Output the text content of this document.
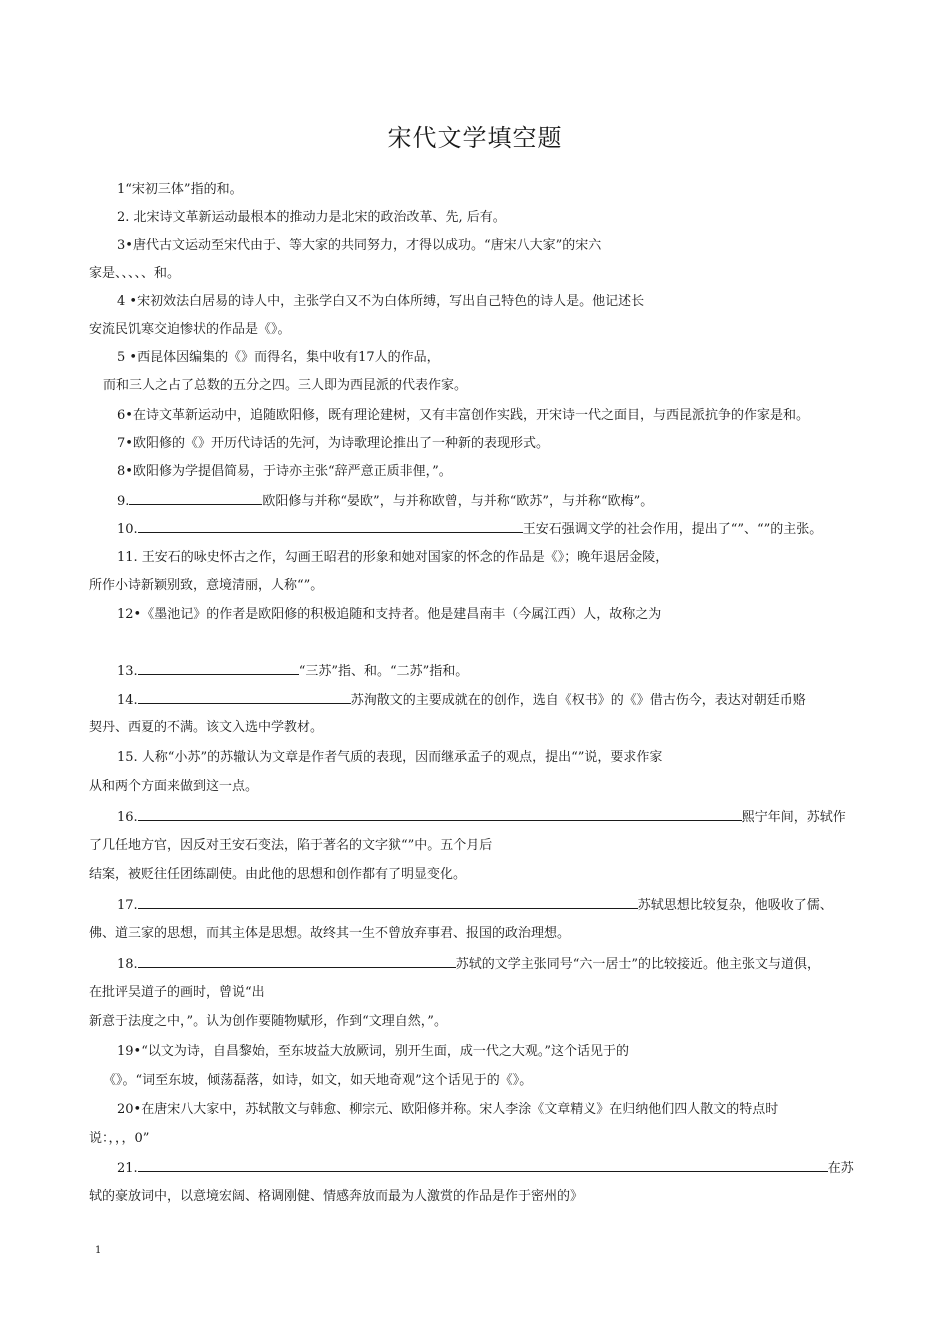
宋代文学填空题
1“宋初三体”指的和。
2. 北宋诗文革新运动最根本的推动力是北宋的政治改革、先, 后有。
3•唐代古文运动至宋代由于、等大家的共同努力，才得以成功。“唐宋八大家”的宋六
家是、、、、、和。
4 •宋初效法白居易的诗人中，主张学白又不为白体所缚，写出自己特色的诗人是。他记述长
安流民饥寒交迫惨状的作品是《》。
5 •西昆体因编集的《》而得名，集中收有17人的作品，
而和三人之占了总数的五分之四。三人即为西昆派的代表作家。
6•在诗文革新运动中，追随欧阳修，既有理论建树，又有丰富创作实践，开宋诗一代之面目，与西昆派抗争的作家是和。
7•欧阳修的《》开历代诗话的先河，为诗歌理论推出了一种新的表现形式。
8•欧阳修为学提倡简易，于诗亦主张“辞严意正质非俚，”。
9.	欧阳修与并称“晏欧”，与并称欧曾，与并称“欧苏”，与并称“欧梅”。
10.	王安石强调文学的社会作用，提出了“”、“”的主张。
11. 王安石的咏史怀古之作，勾画王昭君的形象和她对国家的怀念的作品是《》；晚年退居金陵，
所作小诗新颖别致，意境清丽，人称“”。
12•《墨池记》的作者是欧阳修的积极追随和支持者。他是建昌南丰（今属江西）人，故称之为
13.	“三苏”指、和。“二苏”指和。
14.	苏洵散文的主要成就在的创作，选自《权书》的《》借古伤今，表达对朝廷币赂
契丹、西夏的不满。该文入选中学教材。
15. 人称“小苏”的苏辙认为文章是作者气质的表现，因而继承孟子的观点，提出“”说，要求作家
从和两个方面来做到这一点。
16.	熙宁年间，苏轼作
了几任地方官，因反对王安石变法，陷于著名的文字狱“”中。五个月后
结案，被贬往任团练副使。由此他的思想和创作都有了明显变化。
17.	苏轼思想比较复杂，他吸收了儒、
佛、道三家的思想，而其主体是思想。故终其一生不曾放弃事君、报国的政治理想。
18.	苏轼的文学主张同号“六一居士”的比较接近。他主张文与道俱，
在批评吴道子的画时，曾说“出
新意于法度之中，”。认为创作要随物赋形，作到“文理自然，”。
19•“以文为诗，自昌黎始，至东坡益大放厥词，别开生面，成一代之大观。”这个话见于的
《》。“词至东坡，倾荡磊落，如诗，如文，如天地奇观”这个话见于的《》。
20•在唐宋八大家中，苏轼散文与韩愈、柳宗元、欧阳修并称。宋人李涂《文章精义》在归纳他们四人散文的特点时
说：，，，0”
21.	在苏
轼的豪放词中，以意境宏阔、格调刚健、情感奔放而最为人激赏的作品是作于密州的》
1
